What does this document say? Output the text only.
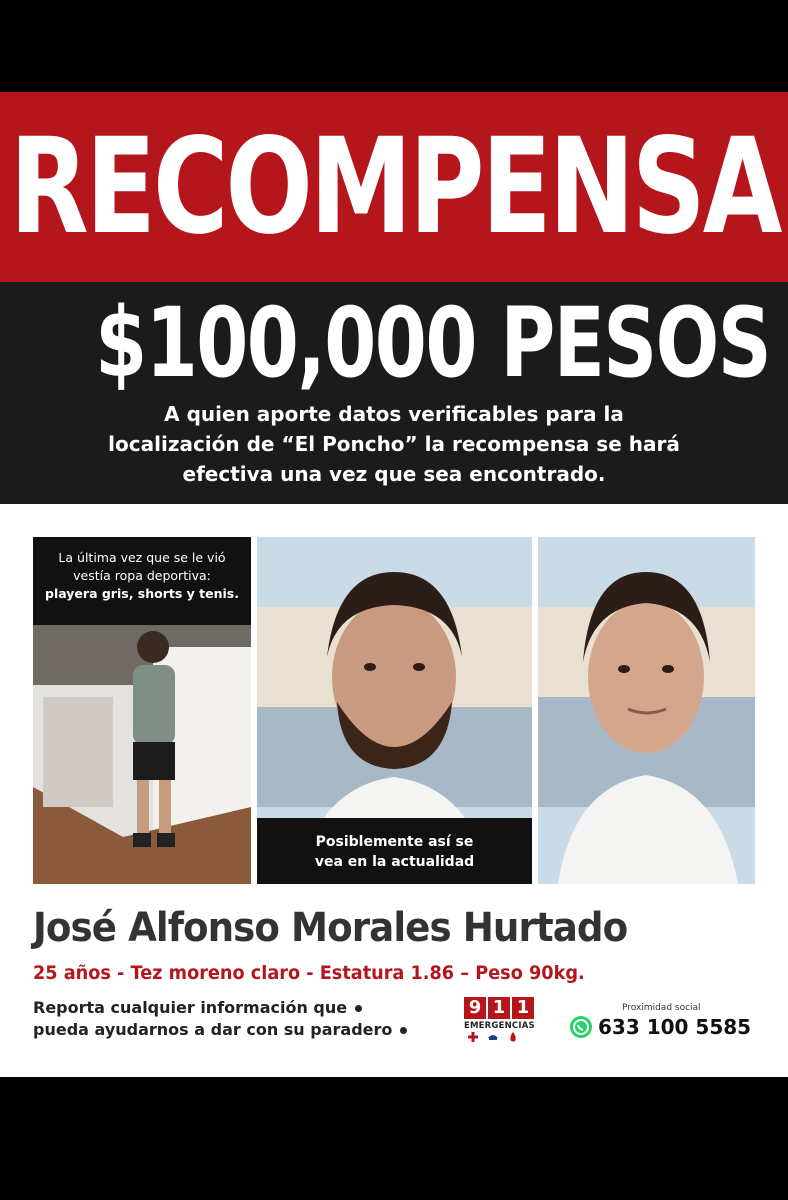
RECOMPENSA
$100,000 PESOS
A quien aporte datos verificables para la
localización de “El Poncho” la recompensa se hará
efectiva una vez que sea encontrado.
La última vez que se le vió
vestía ropa deportiva:
playera gris, shorts y tenis.
Posiblemente así se
vea en la actualidad
José Alfonso Morales Hurtado
25 años - Tez moreno claro - Estatura 1.86 – Peso 90kg.
Reporta cualquier información que
pueda ayudarnos a dar con su paradero
9 1 1
EMERGENCIAS
Proximidad social
633 100 5585
